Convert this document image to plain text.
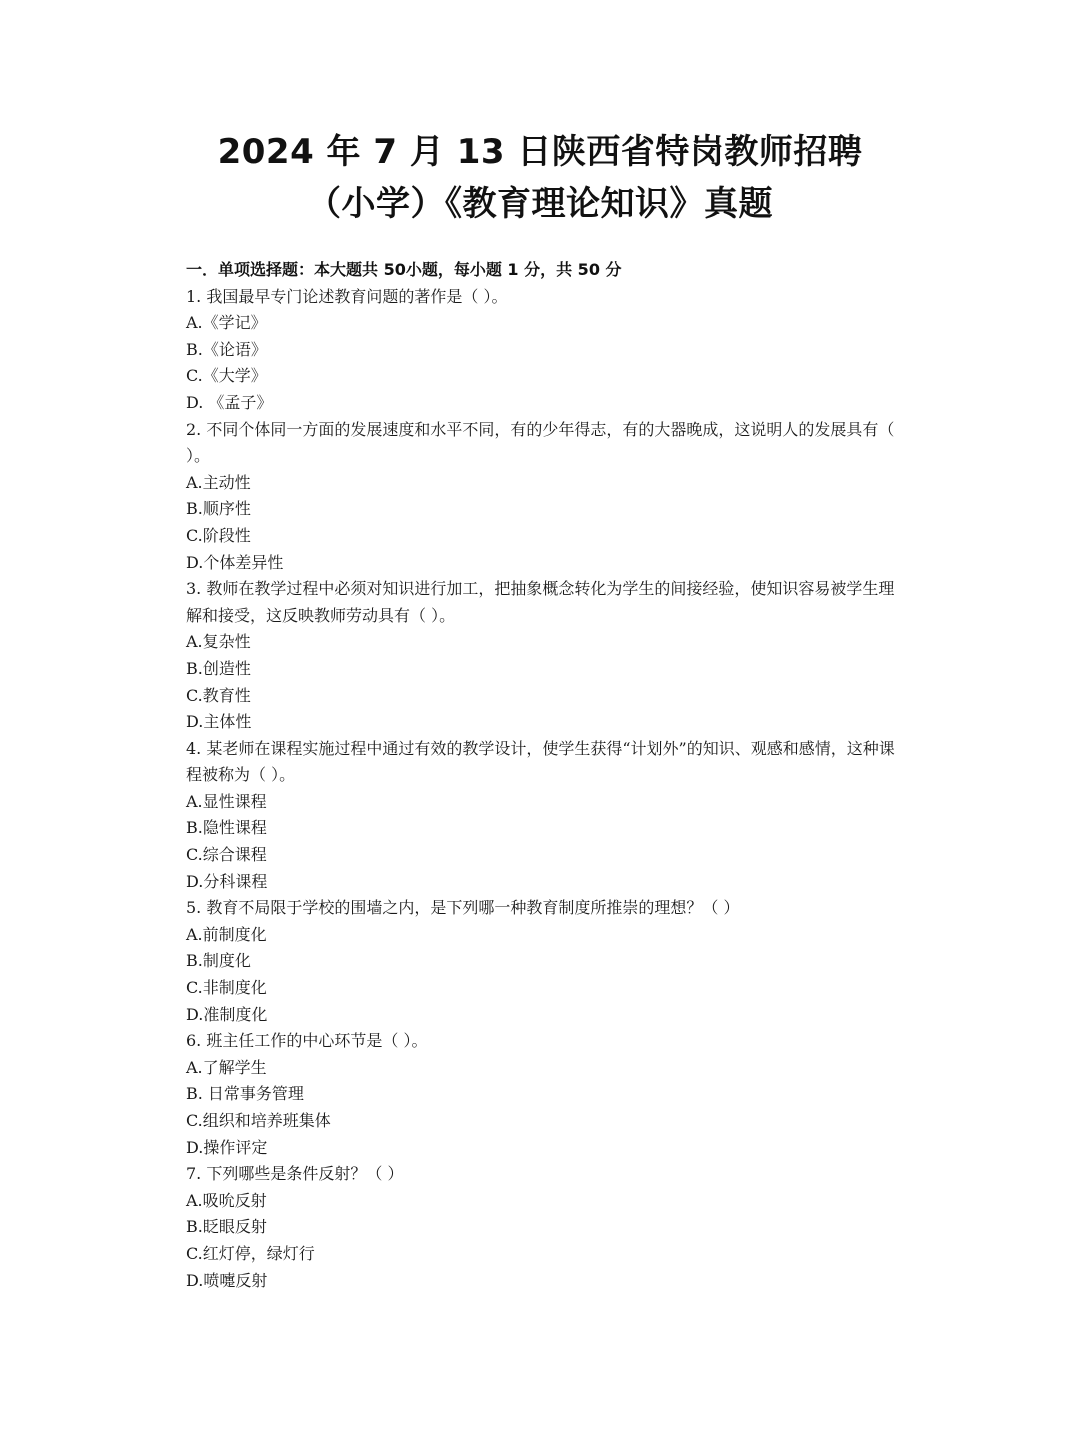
2024 年 7 月 13 日陕西省特岗教师招聘
（小学）《教育理论知识》真题
一．单项选择题：本大题共 50小题，每小题 1 分，共 50 分
1. 我国最早专门论述教育问题的著作是（ ）。
A.《学记》
B.《论语》
C.《大学》
D. 《孟子》
2. 不同个体同一方面的发展速度和水平不同，有的少年得志，有的大器晚成，这说明人的发展具有（ ）。
A.主动性
B.顺序性
C.阶段性
D.个体差异性
3. 教师在教学过程中必须对知识进行加工，把抽象概念转化为学生的间接经验，使知识容易被学生理解和接受，这反映教师劳动具有（ ）。
A.复杂性
B.创造性
C.教育性
D.主体性
4. 某老师在课程实施过程中通过有效的教学设计，使学生获得“计划外”的知识、观感和感情，这种课程被称为（ ）。
A.显性课程
B.隐性课程
C.综合课程
D.分科课程
5. 教育不局限于学校的围墙之内，是下列哪一种教育制度所推崇的理想？（ ）
A.前制度化
B.制度化
C.非制度化
D.准制度化
6. 班主任工作的中心环节是（ ）。
A.了解学生
B. 日常事务管理
C.组织和培养班集体
D.操作评定
7. 下列哪些是条件反射？（ ）
A.吸吮反射
B.眨眼反射
C.红灯停，绿灯行
D.喷嚏反射
